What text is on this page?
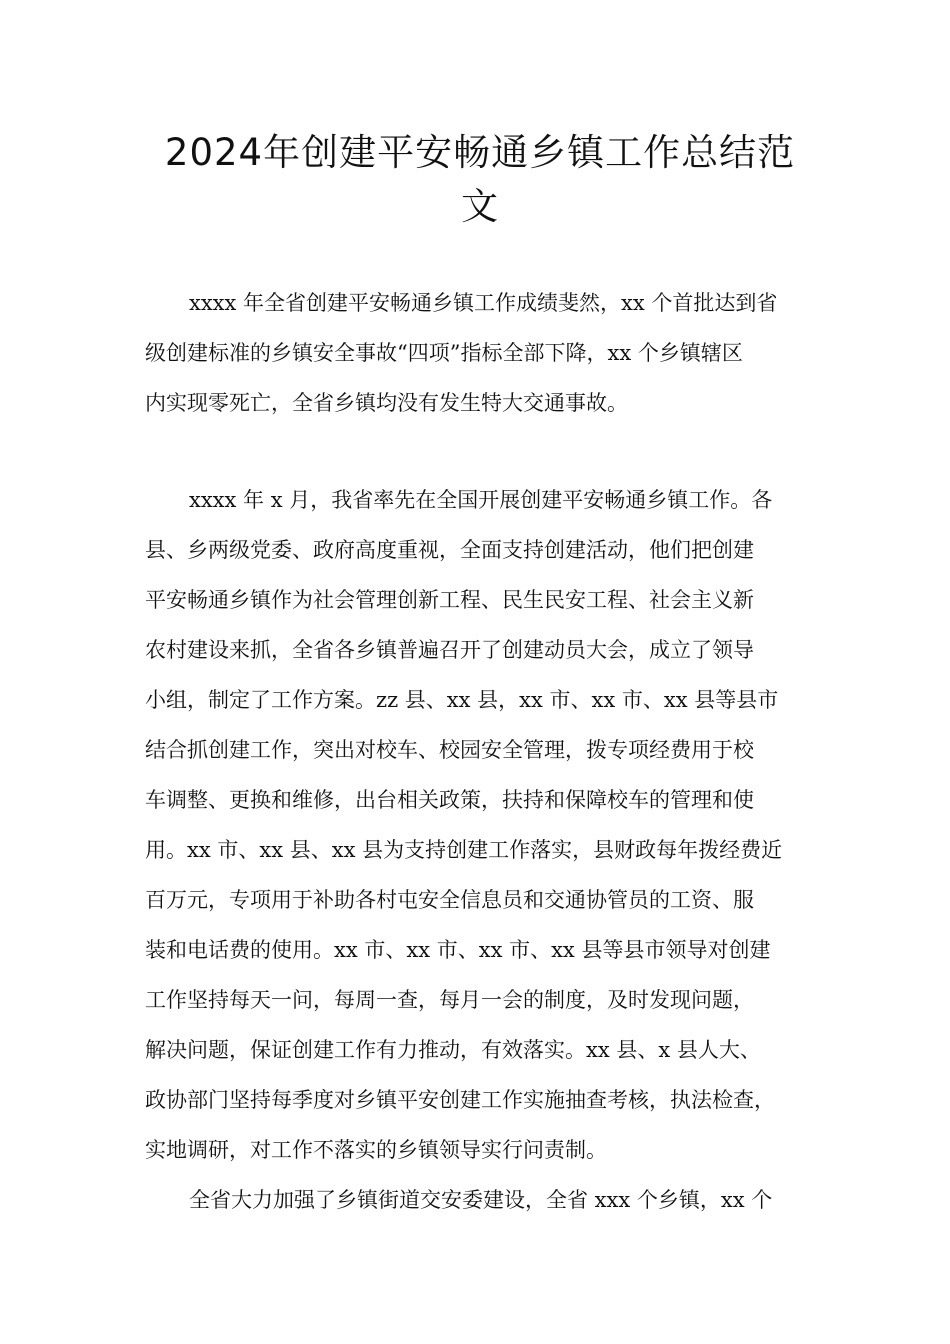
2024年创建平安畅通乡镇工作总结范
文
xxxx 年全省创建平安畅通乡镇工作成绩斐然，xx 个首批达到省
级创建标准的乡镇安全事故“四项”指标全部下降，xx 个乡镇辖区
内实现零死亡，全省乡镇均没有发生特大交通事故。
xxxx 年 x 月，我省率先在全国开展创建平安畅通乡镇工作。各
县、乡两级党委、政府高度重视，全面支持创建活动，他们把创建
平安畅通乡镇作为社会管理创新工程、民生民安工程、社会主义新
农村建设来抓，全省各乡镇普遍召开了创建动员大会，成立了领导
小组，制定了工作方案。zz 县、xx 县，xx 市、xx 市、xx 县等县市
结合抓创建工作，突出对校车、校园安全管理，拨专项经费用于校
车调整、更换和维修，出台相关政策，扶持和保障校车的管理和使
用。xx 市、xx 县、xx 县为支持创建工作落实，县财政每年拨经费近
百万元，专项用于补助各村屯安全信息员和交通协管员的工资、服
装和电话费的使用。xx 市、xx 市、xx 市、xx 县等县市领导对创建
工作坚持每天一问，每周一查，每月一会的制度，及时发现问题，
解决问题，保证创建工作有力推动，有效落实。xx 县、x 县人大、
政协部门坚持每季度对乡镇平安创建工作实施抽查考核，执法检查，
实地调研，对工作不落实的乡镇领导实行问责制。
全省大力加强了乡镇街道交安委建设，全省 xxx 个乡镇，xx 个
